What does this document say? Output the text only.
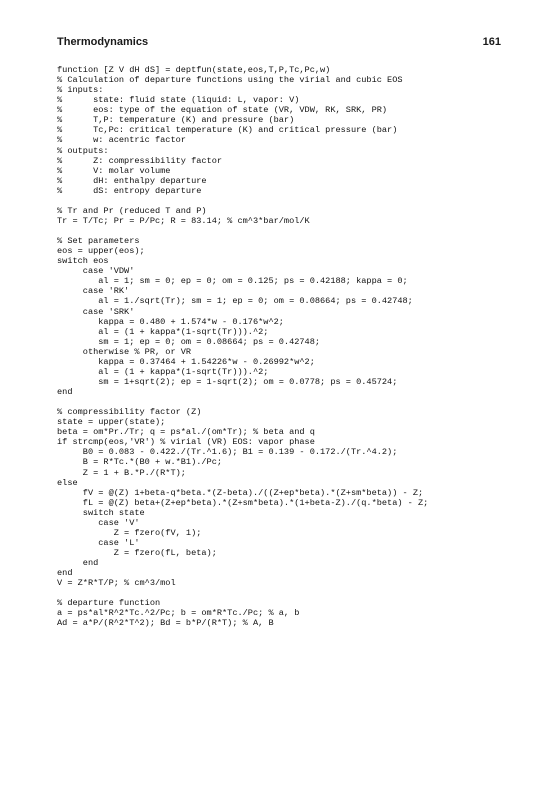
Thermodynamics	161
function [Z V dH dS] = deptfun(state,eos,T,P,Tc,Pc,w)
% Calculation of departure functions using the virial and cubic EOS
% inputs:
%      state: fluid state (liquid: L, vapor: V)
%      eos: type of the equation of state (VR, VDW, RK, SRK, PR)
%      T,P: temperature (K) and pressure (bar)
%      Tc,Pc: critical temperature (K) and critical pressure (bar)
%      w: acentric factor
% outputs:
%      Z: compressibility factor
%      V: molar volume
%      dH: enthalpy departure
%      dS: entropy departure
% Tr and Pr (reduced T and P)
Tr = T/Tc; Pr = P/Pc; R = 83.14; % cm^3*bar/mol/K
% Set parameters
eos = upper(eos);
switch eos
case 'VDW'
al = 1; sm = 0; ep = 0; om = 0.125; ps = 0.42188; kappa = 0;
case 'RK'
al = 1./sqrt(Tr); sm = 1; ep = 0; om = 0.08664; ps = 0.42748;
case 'SRK'
kappa = 0.480 + 1.574*w - 0.176*w^2;
al = (1 + kappa*(1-sqrt(Tr))).^2;
sm = 1; ep = 0; om = 0.08664; ps = 0.42748;
otherwise % PR, or VR
kappa = 0.37464 + 1.54226*w - 0.26992*w^2;
al = (1 + kappa*(1-sqrt(Tr))).^2;
sm = 1+sqrt(2); ep = 1-sqrt(2); om = 0.0778; ps = 0.45724;
end
% compressibility factor (Z)
state = upper(state);
beta = om*Pr./Tr; q = ps*al./(om*Tr); % beta and q
if strcmp(eos,'VR') % virial (VR) EOS: vapor phase
B0 = 0.083 - 0.422./(Tr.^1.6); B1 = 0.139 - 0.172./(Tr.^4.2);
B = R*Tc.*(B0 + w.*B1)./Pc;
Z = 1 + B.*P./(R*T);
else
fV = @(Z) 1+beta-q*beta.*(Z-beta)./((Z+ep*beta).*(Z+sm*beta)) - Z;
fL = @(Z) beta+(Z+ep*beta).*(Z+sm*beta).*(1+beta-Z)./(q.*beta) - Z;
switch state
case 'V'
Z = fzero(fV, 1);
case 'L'
Z = fzero(fL, beta);
end
end
V = Z*R*T/P; % cm^3/mol
% departure function
a = ps*al*R^2*Tc.^2/Pc; b = om*R*Tc./Pc; % a, b
Ad = a*P/(R^2*T^2); Bd = b*P/(R*T); % A, B
